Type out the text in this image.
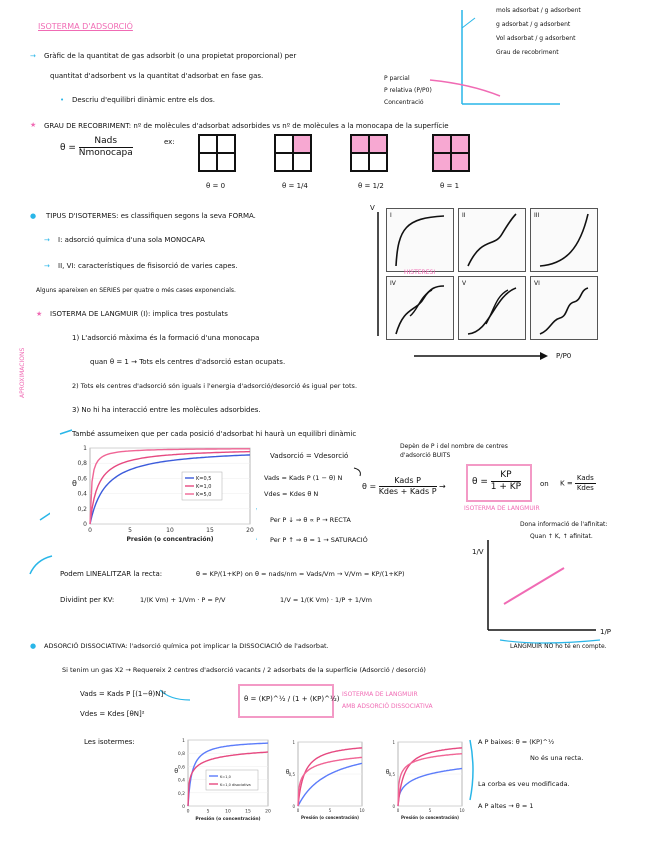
ISOTERMA D'ADSORCIÓ
Gràfic de la quantitat de gas adsorbit (o una propietat proporcional) per
quantitat d'adsorbent vs la quantitat d'adsorbat en fase gas.
Descriu d'equilibri dinàmic entre els dos.
→
•
mols adsorbat / g adsorbent
g adsorbat / g adsorbent
Vol adsorbat / g adsorbent
Grau de recobriment
P parcial
P relativa (P/P0)
Concentració
GRAU DE RECOBRIMENT: nº de molècules d'adsorbat adsorbides vs nº de molècules a la monocapa de la superfície
★
$\theta = \frac{\text{Nads}}{\text{Nmonocapa}}$	ex:
θ = 0	θ = 1/4	θ = 1/2	θ = 1
● TIPUS D'ISOTERMES: es classifiquen segons la seva FORMA.
→ I: adsorció química d'una sola MONOCAPA
→ II, VI: característiques de fisisorció de varies capes.
Alguns apareixen en SERIES per quatre o més cases exponencials.
V
P/P0
I	II	III
IV	V	VI
HISTERESI
★ ISOTERMA DE LANGMUIR (I): implica tres postulats
APROXIMACIONS
1) L'adsorció màxima és la formació d'una monocapa
quan θ = 1 → Tots els centres d'adsorció estan ocupats.
2) Tots els centres d'adsorció són iguals i l'energia d'adsorció/desorció és igual per tots.
3) No hi ha interacció entre les molècules adsorbides.
També assumeixen que per cada posició d'adsorbat hi haurà un equilibri dinàmic
0
0,2
0,4
0,6
0,8
1
0	5	10	15	20
Presión (o concentración)
θ	K=0,5
K=1,0
K=5,0
Vadsorció = Vdesorció
Depèn de P i del nombre de centres d'adsorció BUITS
Vads = Kads P (1 − θ) N
Vdes = Kdes θ N
$\theta = \frac{\text{Kads P}}{\text{Kdes + Kads P}}$ →	$\theta = \frac{KP}{1 + KP}$	on $K = \frac{\text{Kads}}{\text{Kdes}}$
ISOTERMA DE LANGMUIR
Per P ↓ ⇒ θ ∝ P → RECTA
Per P ↑ ⇒ θ = 1 → SATURACIÓ
Dona informació de l'afinitat:
Quan ↑ K, ↑ afinitat.
Podem LINEALITZAR la recta:	θ = KP/(1+KP) on θ = nads/nm = Vads/Vm → V/Vm = KP/(1+KP)
Dividint per KV:	1/(K Vm) + 1/Vm · P = P/V	1/V = 1/(K Vm) · 1/P + 1/Vm
1/V
1/P
● ADSORCIÓ DISSOCIATIVA: l'adsorció química pot implicar la DISSOCIACIÓ de l'adsorbat.	LANGMUIR NO ho té en compte.
Si tenim un gas X2 → Requereix 2 centres d'adsorció vacants / 2 adsorbats de la superfície (Adsorció / desorció)
Vads = Kads P [(1−θ)N]²
Vdes = Kdes [θN]²
θ = (KP)^½ / (1 + (KP)^½)
ISOTERMA DE LANGMUIR
AMB ADSORCIÓ DISSOCIATIVA
Les isotermes:
0
0,2
0,4
0,6
0,8
1
0	5	10	15	20
Presión (o concentración)
θ
K=1,0
K=1,0 disociativa
0
0,5
1
0	5	10
Presión (o concentración)
θ
0
0,5
1
0	5	10
Presión (o concentración)
θ
A P baixes: θ = (KP)^½
No és una recta.
La corba es veu modificada.
A P altes → θ = 1
